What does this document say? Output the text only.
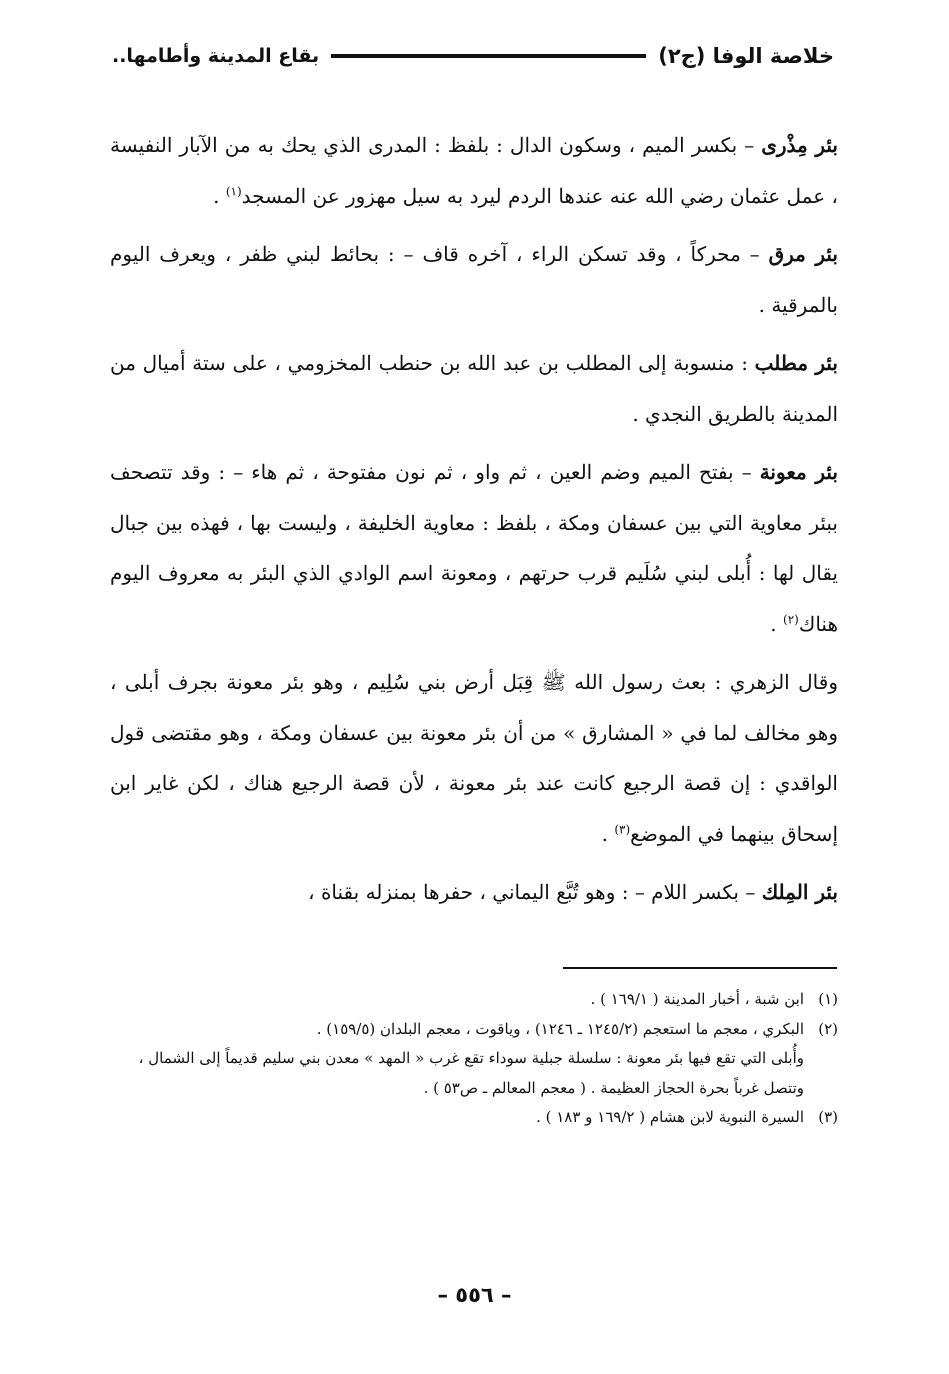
خلاصة الوفا (ج٢)
بقاع المدينة وأطامها..

بئر مِذْرى – بكسر الميم ، وسكون الدال : بلفظ : المدرى الذي يحك به من الآبار النفيسة ، عمل عثمان رضي الله عنه عندها الردم ليرد به سيل مهزور عن المسجد$^{(١)}$ .

بئر مرق – محركاً ، وقد تسكن الراء ، آخره قاف – : بحائط لبني ظفر ، ويعرف اليوم بالمرقية .

بئر مطلب : منسوبة إلى المطلب بن عبد الله بن حنطب المخزومي ، على ستة أميال من المدينة بالطريق النجدي .

بئر معونة – بفتح الميم وضم العين ، ثم واو ، ثم نون مفتوحة ، ثم هاء – : وقد تتصحف ببئر معاوية التي بين عسفان ومكة ، بلفظ : معاوية الخليفة ، وليست بها ، فهذه بين جبال يقال لها : أُبلى لبني سُلَيم قرب حرتهم ، ومعونة اسم الوادي الذي البئر به معروف اليوم هناك$^{(٢)}$ .

وقال الزهري : بعث رسول الله ﷺ قِبَل أرض بني سُلِيم ، وهو بئر معونة بجرف أبلى ، وهو مخالف لما في « المشارق » من أن بئر معونة بين عسفان ومكة ، وهو مقتضى قول الواقدي : إن قصة الرجيع كانت عند بئر معونة ، لأن قصة الرجيع هناك ، لكن غاير ابن إسحاق بينهما في الموضع$^{(٣)}$ .

بئر المِلك – بكسر اللام – : وهو تُبَّع اليماني ، حفرها بمنزله بقناة ،

(١)
ابن شبة ، أخبار المدينة ( ١٦٩/١ ) .

(٢)
البكري ، معجم ما استعجم (١٢٤٥/٢ ـ ١٢٤٦) ، وياقوت ، معجم البلدان (١٥٩/٥) .

وأُبلى التي تقع فيها بئر معونة : سلسلة جبلية سوداء تقع غرب « المهد » معدن بني سليم قديماً إلى الشمال ، وتتصل غرباً بحرة الحجاز العظيمة . ( معجم المعالم ـ ص٥٣ ) .

(٣)
السيرة النبوية لابن هشام ( ١٦٩/٢ و ١٨٣ ) .

– ٥٥٦ –
